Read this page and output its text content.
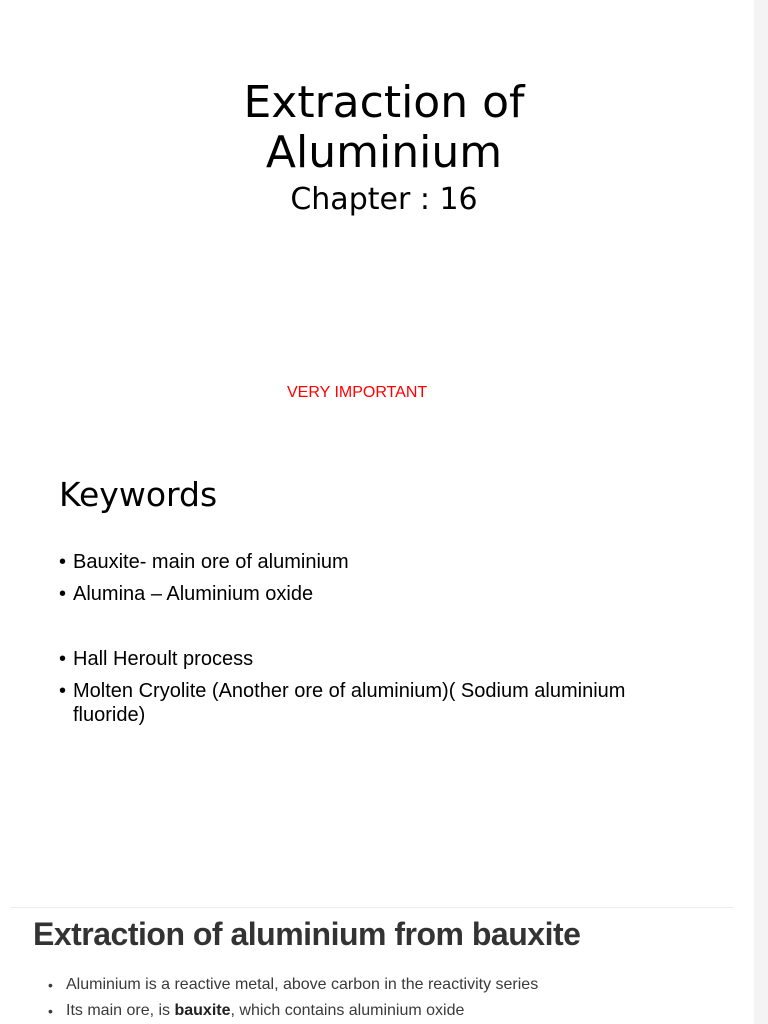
Extraction of
Aluminium
Chapter : 16
VERY IMPORTANT
Keywords
• Bauxite- main ore of aluminium
• Alumina – Aluminium oxide
• Hall Heroult process
• Molten Cryolite (Another ore of aluminium)( Sodium aluminium fluoride)
Extraction of aluminium from bauxite
• Aluminium is a reactive metal, above carbon in the reactivity series
• Its main ore, is bauxite, which contains aluminium oxide
